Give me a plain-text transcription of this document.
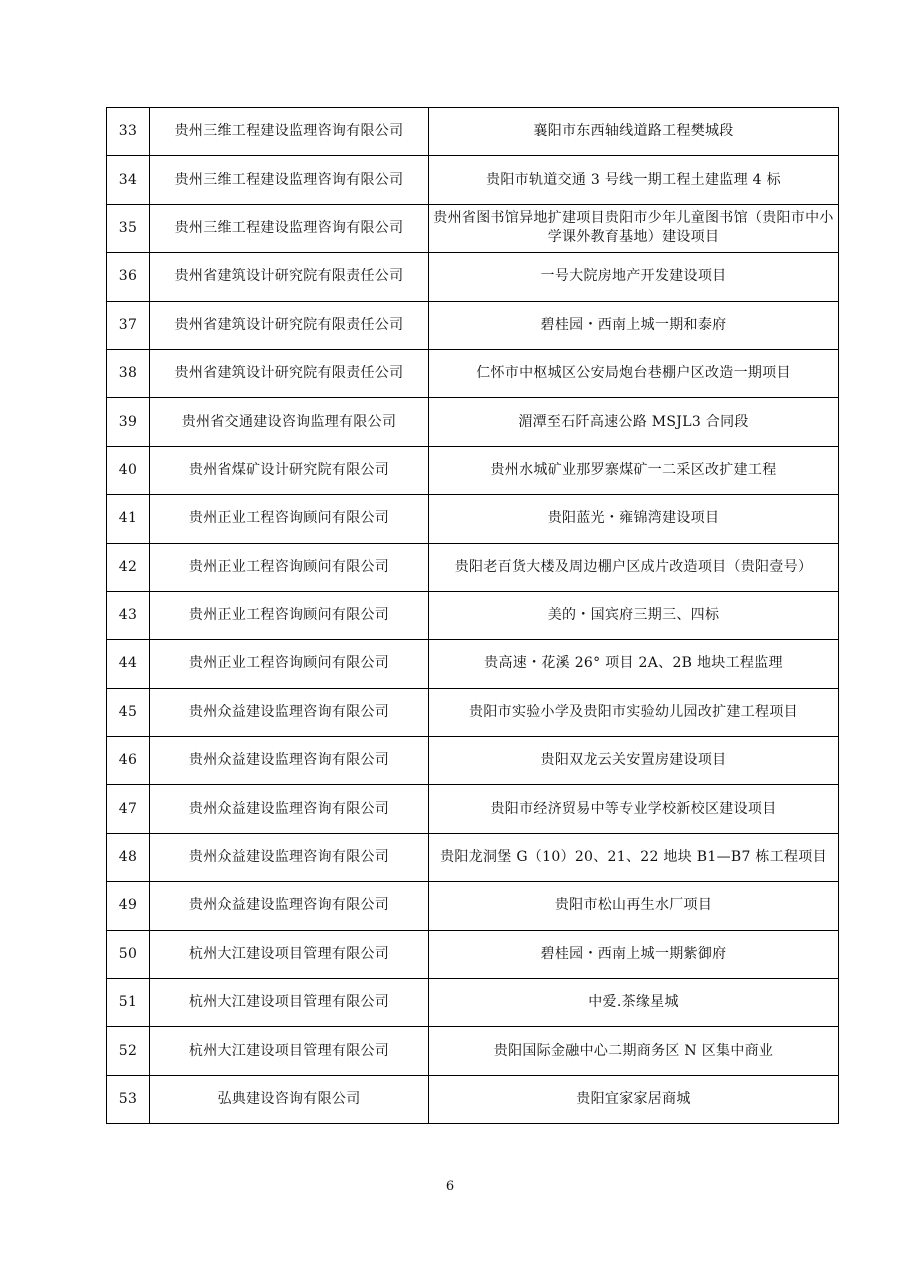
33	贵州三维工程建设监理咨询有限公司	襄阳市东西轴线道路工程樊城段
34	贵州三维工程建设监理咨询有限公司	贵阳市轨道交通 3 号线一期工程土建监理 4 标
35	贵州三维工程建设监理咨询有限公司	贵州省图书馆异地扩建项目贵阳市少年儿童图书馆（贵阳市中小学课外教育基地）建设项目
36	贵州省建筑设计研究院有限责任公司	一号大院房地产开发建设项目
37	贵州省建筑设计研究院有限责任公司	碧桂园・西南上城一期和泰府
38	贵州省建筑设计研究院有限责任公司	仁怀市中枢城区公安局炮台巷棚户区改造一期项目
39	贵州省交通建设咨询监理有限公司	湄潭至石阡高速公路 MSJL3 合同段
40	贵州省煤矿设计研究院有限公司	贵州水城矿业那罗寨煤矿一二采区改扩建工程
41	贵州正业工程咨询顾问有限公司	贵阳蓝光・雍锦湾建设项目
42	贵州正业工程咨询顾问有限公司	贵阳老百货大楼及周边棚户区成片改造项目（贵阳壹号）
43	贵州正业工程咨询顾问有限公司	美的・国宾府三期三、四标
44	贵州正业工程咨询顾问有限公司	贵高速・花溪 26° 项目 2A、2B 地块工程监理
45	贵州众益建设监理咨询有限公司	贵阳市实验小学及贵阳市实验幼儿园改扩建工程项目
46	贵州众益建设监理咨询有限公司	贵阳双龙云关安置房建设项目
47	贵州众益建设监理咨询有限公司	贵阳市经济贸易中等专业学校新校区建设项目
48	贵州众益建设监理咨询有限公司	贵阳龙洞堡 G（10）20、21、22 地块 B1—B7 栋工程项目
49	贵州众益建设监理咨询有限公司	贵阳市松山再生水厂项目
50	杭州大江建设项目管理有限公司	碧桂园・西南上城一期紫御府
51	杭州大江建设项目管理有限公司	中爱.茶缘星城
52	杭州大江建设项目管理有限公司	贵阳国际金融中心二期商务区 N 区集中商业
53	弘典建设咨询有限公司	贵阳宜家家居商城
6
